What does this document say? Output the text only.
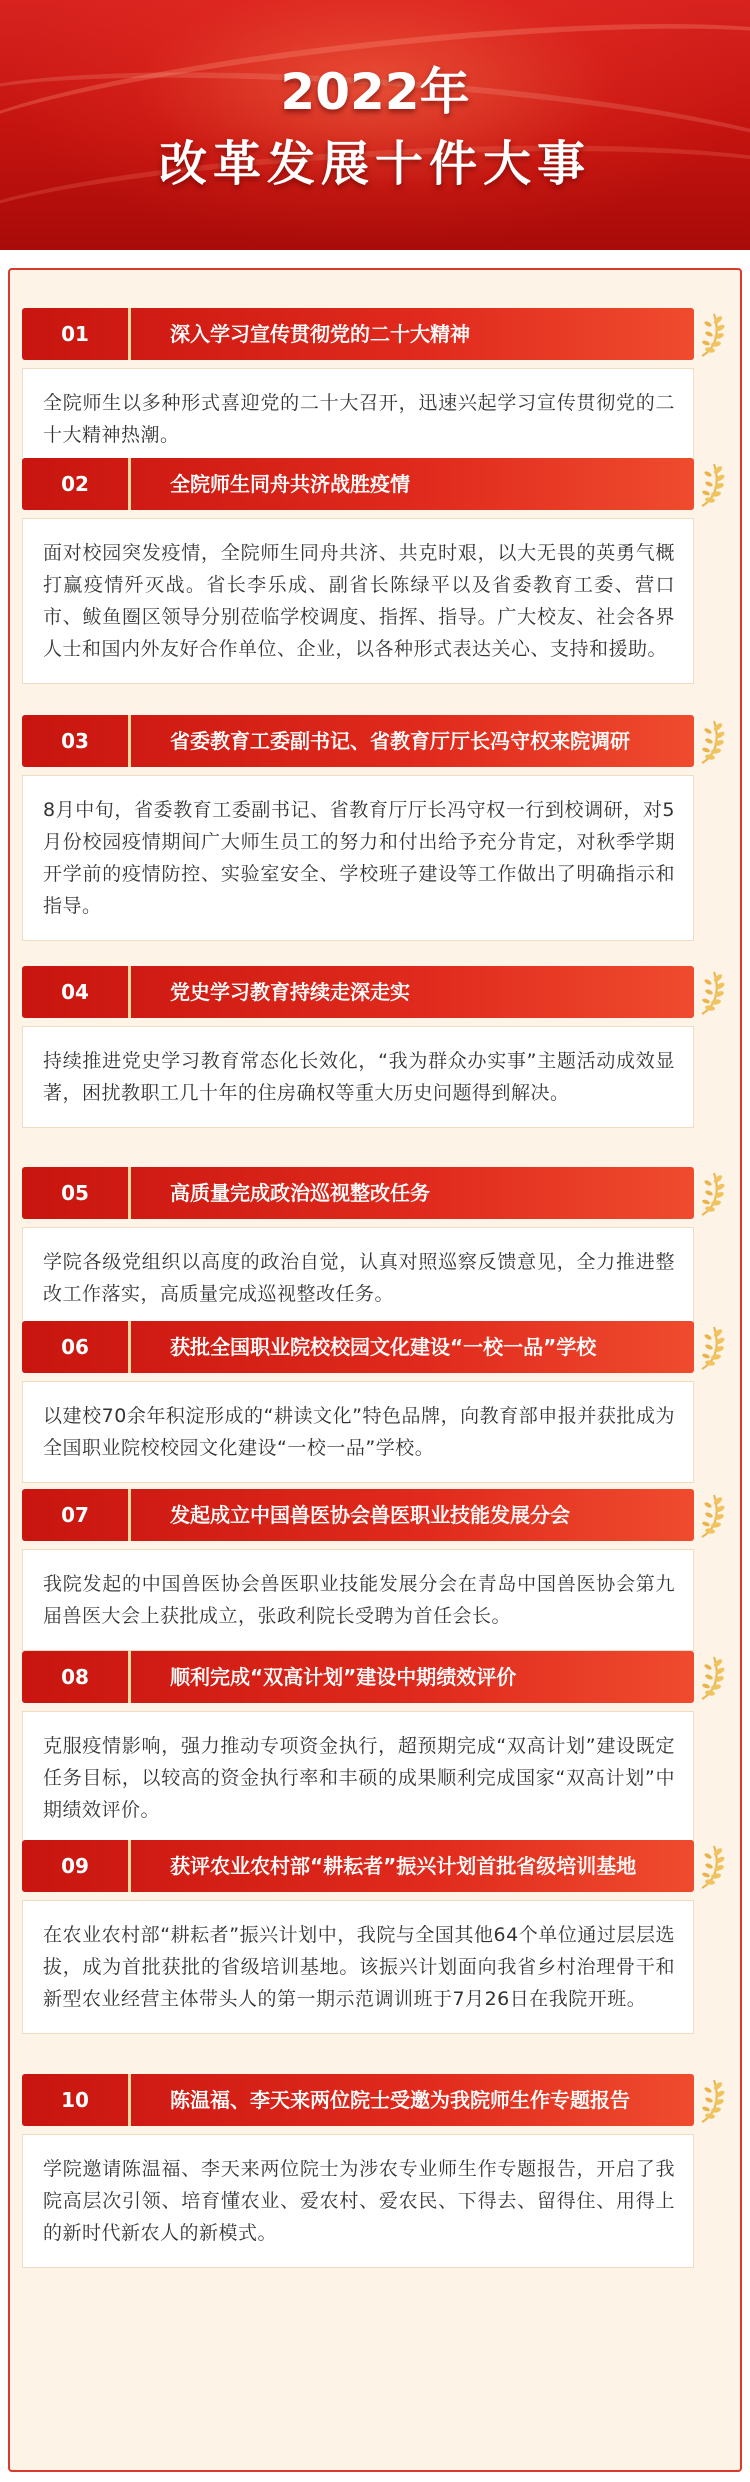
2022年
改革发展十件大事
01	深入学习宣传贯彻党的二十大精神
全院师生以多种形式喜迎党的二十大召开，迅速兴起学习宣传贯彻党的二十大精神热潮。
02	全院师生同舟共济战胜疫情
面对校园突发疫情，全院师生同舟共济、共克时艰，以大无畏的英勇气概打赢疫情歼灭战。省长李乐成、副省长陈绿平以及省委教育工委、营口市、鲅鱼圈区领导分别莅临学校调度、指挥、指导。广大校友、社会各界人士和国内外友好合作单位、企业，以各种形式表达关心、支持和援助。
03	省委教育工委副书记、省教育厅厅长冯守权来院调研
8月中旬，省委教育工委副书记、省教育厅厅长冯守权一行到校调研，对5月份校园疫情期间广大师生员工的努力和付出给予充分肯定，对秋季学期开学前的疫情防控、实验室安全、学校班子建设等工作做出了明确指示和指导。
04	党史学习教育持续走深走实
持续推进党史学习教育常态化长效化，“我为群众办实事”主题活动成效显著，困扰教职工几十年的住房确权等重大历史问题得到解决。
05	高质量完成政治巡视整改任务
学院各级党组织以高度的政治自觉，认真对照巡察反馈意见，全力推进整改工作落实，高质量完成巡视整改任务。
06	获批全国职业院校校园文化建设“一校一品”学校
以建校70余年积淀形成的“耕读文化”特色品牌，向教育部申报并获批成为全国职业院校校园文化建设“一校一品”学校。
07	发起成立中国兽医协会兽医职业技能发展分会
我院发起的中国兽医协会兽医职业技能发展分会在青岛中国兽医协会第九届兽医大会上获批成立，张政利院长受聘为首任会长。
08	顺利完成“双高计划”建设中期绩效评价
克服疫情影响，强力推动专项资金执行，超预期完成“双高计划”建设既定任务目标，以较高的资金执行率和丰硕的成果顺利完成国家“双高计划”中期绩效评价。
09	获评农业农村部“耕耘者”振兴计划首批省级培训基地
在农业农村部“耕耘者”振兴计划中，我院与全国其他64个单位通过层层选拔，成为首批获批的省级培训基地。该振兴计划面向我省乡村治理骨干和新型农业经营主体带头人的第一期示范调训班于7月26日在我院开班。
10	陈温福、李天来两位院士受邀为我院师生作专题报告
学院邀请陈温福、李天来两位院士为涉农专业师生作专题报告，开启了我院高层次引领、培育懂农业、爱农村、爱农民、下得去、留得住、用得上的新时代新农人的新模式。
